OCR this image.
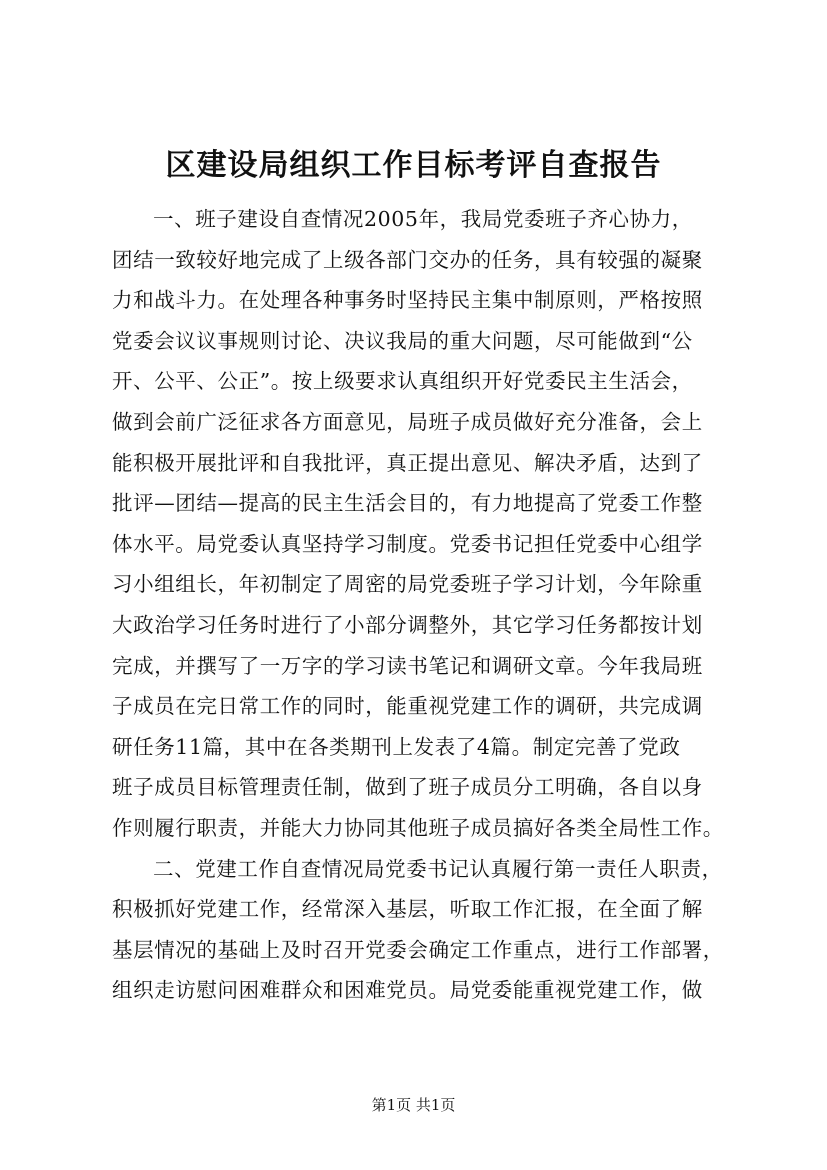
区建设局组织工作目标考评自查报告
一、班子建设自查情况2005年，我局党委班子齐心协力，
团结一致较好地完成了上级各部门交办的任务，具有较强的凝聚
力和战斗力。在处理各种事务时坚持民主集中制原则，严格按照
党委会议议事规则讨论、决议我局的重大问题，尽可能做到“公
开、公平、公正”。按上级要求认真组织开好党委民主生活会，
做到会前广泛征求各方面意见，局班子成员做好充分准备，会上
能积极开展批评和自我批评，真正提出意见、解决矛盾，达到了
批评—团结—提高的民主生活会目的，有力地提高了党委工作整
体水平。局党委认真坚持学习制度。党委书记担任党委中心组学
习小组组长，年初制定了周密的局党委班子学习计划，今年除重
大政治学习任务时进行了小部分调整外，其它学习任务都按计划
完成，并撰写了一万字的学习读书笔记和调研文章。今年我局班
子成员在完日常工作的同时，能重视党建工作的调研，共完成调
研任务11篇，其中在各类期刊上发表了4篇。制定完善了党政
班子成员目标管理责任制，做到了班子成员分工明确，各自以身
作则履行职责，并能大力协同其他班子成员搞好各类全局性工作。
二、党建工作自查情况局党委书记认真履行第一责任人职责，
积极抓好党建工作，经常深入基层，听取工作汇报，在全面了解
基层情况的基础上及时召开党委会确定工作重点，进行工作部署，
组织走访慰问困难群众和困难党员。局党委能重视党建工作，做
第1页 共1页
